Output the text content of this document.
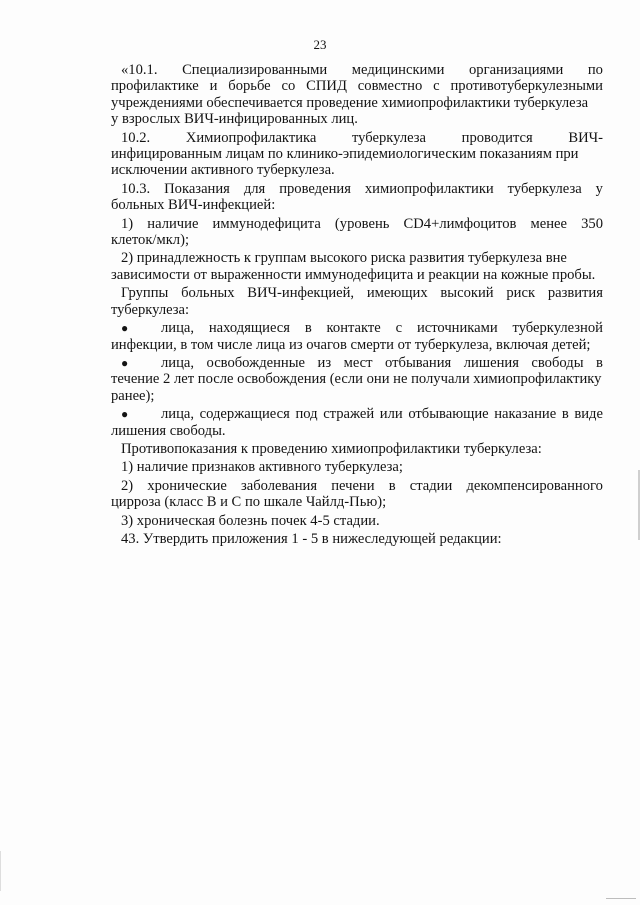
23
«10.1. Специализированными медицинскими организациями по
профилактике и борьбе со СПИД совместно с противотуберкулезными
учреждениями обеспечивается проведение химиопрофилактики туберкулеза
у взрослых ВИЧ-инфицированных лиц.
10.2. Химиопрофилактика туберкулеза проводится ВИЧ-
инфицированным лицам по клинико-эпидемиологическим показаниям при
исключении активного туберкулеза.
10.3. Показания для проведения химиопрофилактики туберкулеза у
больных ВИЧ-инфекцией:
1) наличие иммунодефицита (уровень CD4+лимфоцитов менее 350
клеток/мкл);
2) принадлежность к группам высокого риска развития туберкулеза вне
зависимости от выраженности иммунодефицита и реакции на кожные пробы.
Группы больных ВИЧ-инфекцией, имеющих высокий риск развития
туберкулеза:
● лица, находящиеся в контакте с источниками туберкулезной
инфекции, в том числе лица из очагов смерти от туберкулеза, включая детей;
● лица, освобожденные из мест отбывания лишения свободы в
течение 2 лет после освобождения (если они не получали химиопрофилактику
ранее);
● лица, содержащиеся под стражей или отбывающие наказание в виде
лишения свободы.
Противопоказания к проведению химиопрофилактики туберкулеза:
1) наличие признаков активного туберкулеза;
2) хронические заболевания печени в стадии декомпенсированного
цирроза (класс В и С по шкале Чайлд-Пью);
3) хроническая болезнь почек 4-5 стадии.
43. Утвердить приложения 1 - 5 в нижеследующей редакции:
